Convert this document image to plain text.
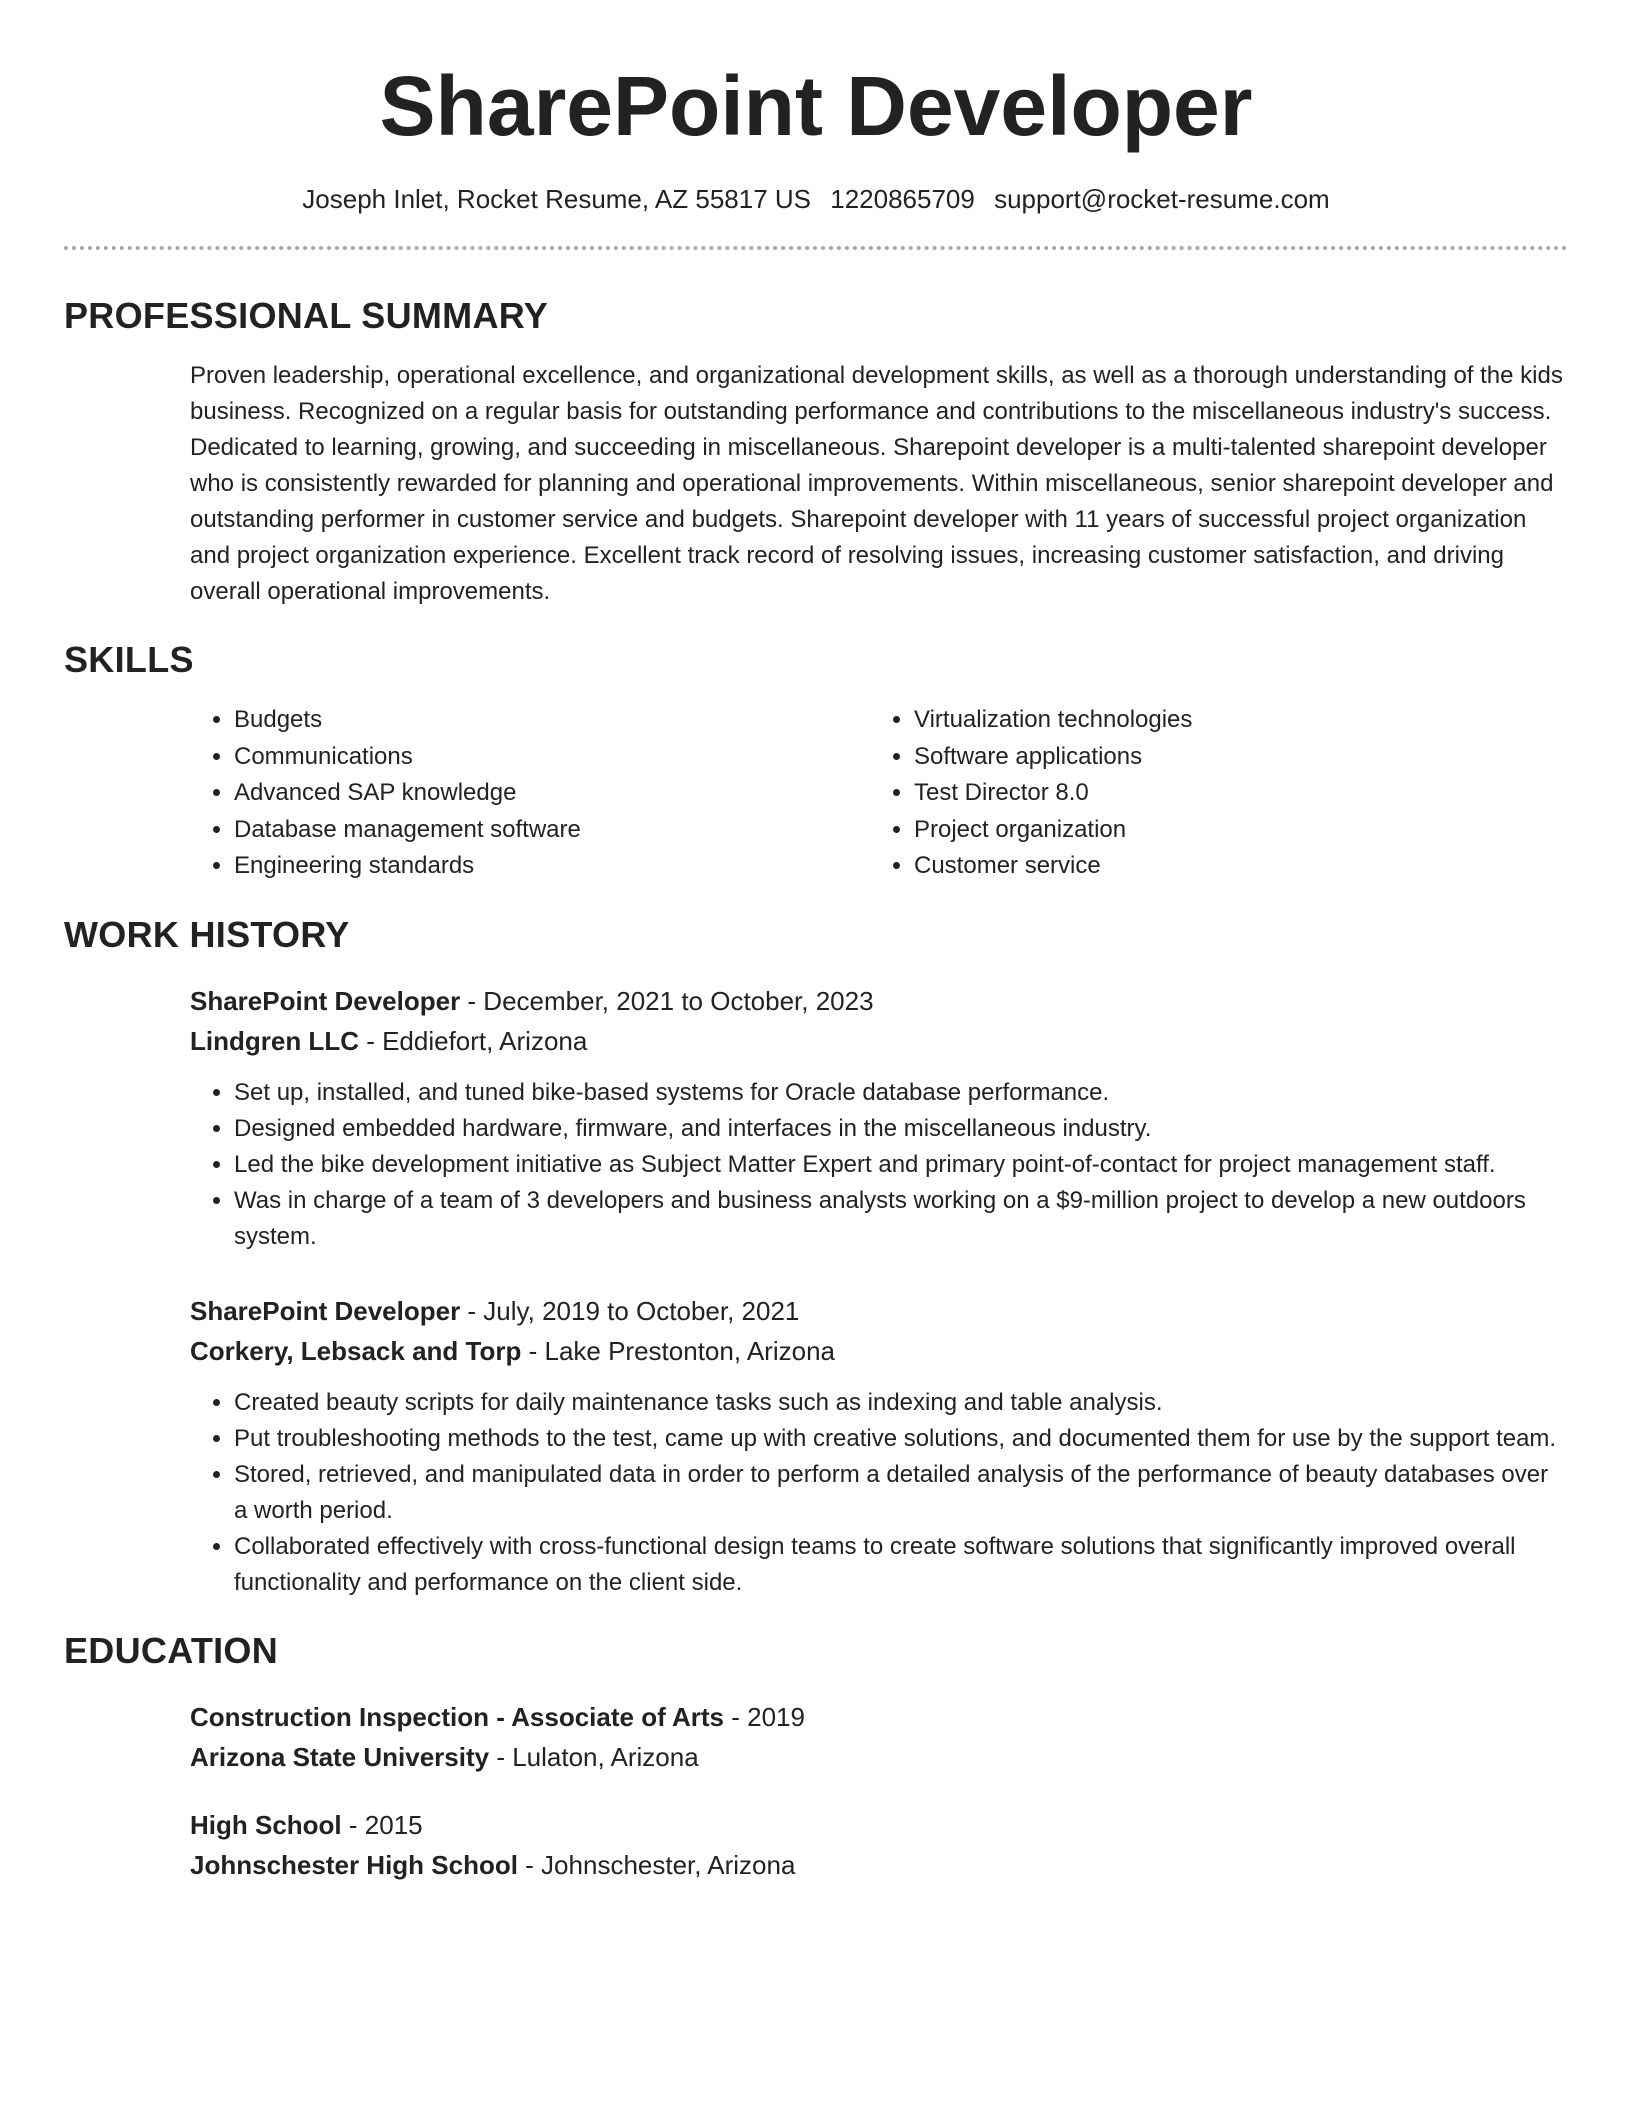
SharePoint Developer
Joseph Inlet, Rocket Resume, AZ 55817 US 1220865709 support@rocket-resume.com
PROFESSIONAL SUMMARY

Proven leadership, operational excellence, and organizational development skills, as well as a thorough understanding of the kids business. Recognized on a regular basis for outstanding performance and contributions to the miscellaneous industry's success. Dedicated to learning, growing, and succeeding in miscellaneous. Sharepoint developer is a multi-talented sharepoint developer who is consistently rewarded for planning and operational improvements. Within miscellaneous, senior sharepoint developer and outstanding performer in customer service and budgets. Sharepoint developer with 11 years of successful project organization and project organization experience. Excellent track record of resolving issues, increasing customer satisfaction, and driving overall operational improvements.

SKILLS
• Budgets
• Communications
• Advanced SAP knowledge
• Database management software
• Engineering standards
• Virtualization technologies
• Software applications
• Test Director 8.0
• Project organization
• Customer service
WORK HISTORY
SharePoint Developer - December, 2021 to October, 2023
Lindgren LLC - Eddiefort, Arizona
• Set up, installed, and tuned bike-based systems for Oracle database performance.
• Designed embedded hardware, firmware, and interfaces in the miscellaneous industry.
• Led the bike development initiative as Subject Matter Expert and primary point-of-contact for project management staff.
• Was in charge of a team of 3 developers and business analysts working on a $9-million project to develop a new outdoors system.
SharePoint Developer - July, 2019 to October, 2021
Corkery, Lebsack and Torp - Lake Prestonton, Arizona
• Created beauty scripts for daily maintenance tasks such as indexing and table analysis.
• Put troubleshooting methods to the test, came up with creative solutions, and documented them for use by the support team.
• Stored, retrieved, and manipulated data in order to perform a detailed analysis of the performance of beauty databases over a worth period.
• Collaborated effectively with cross-functional design teams to create software solutions that significantly improved overall functionality and performance on the client side.
EDUCATION
Construction Inspection - Associate of Arts - 2019
Arizona State University - Lulaton, Arizona
High School - 2015
Johnschester High School - Johnschester, Arizona
